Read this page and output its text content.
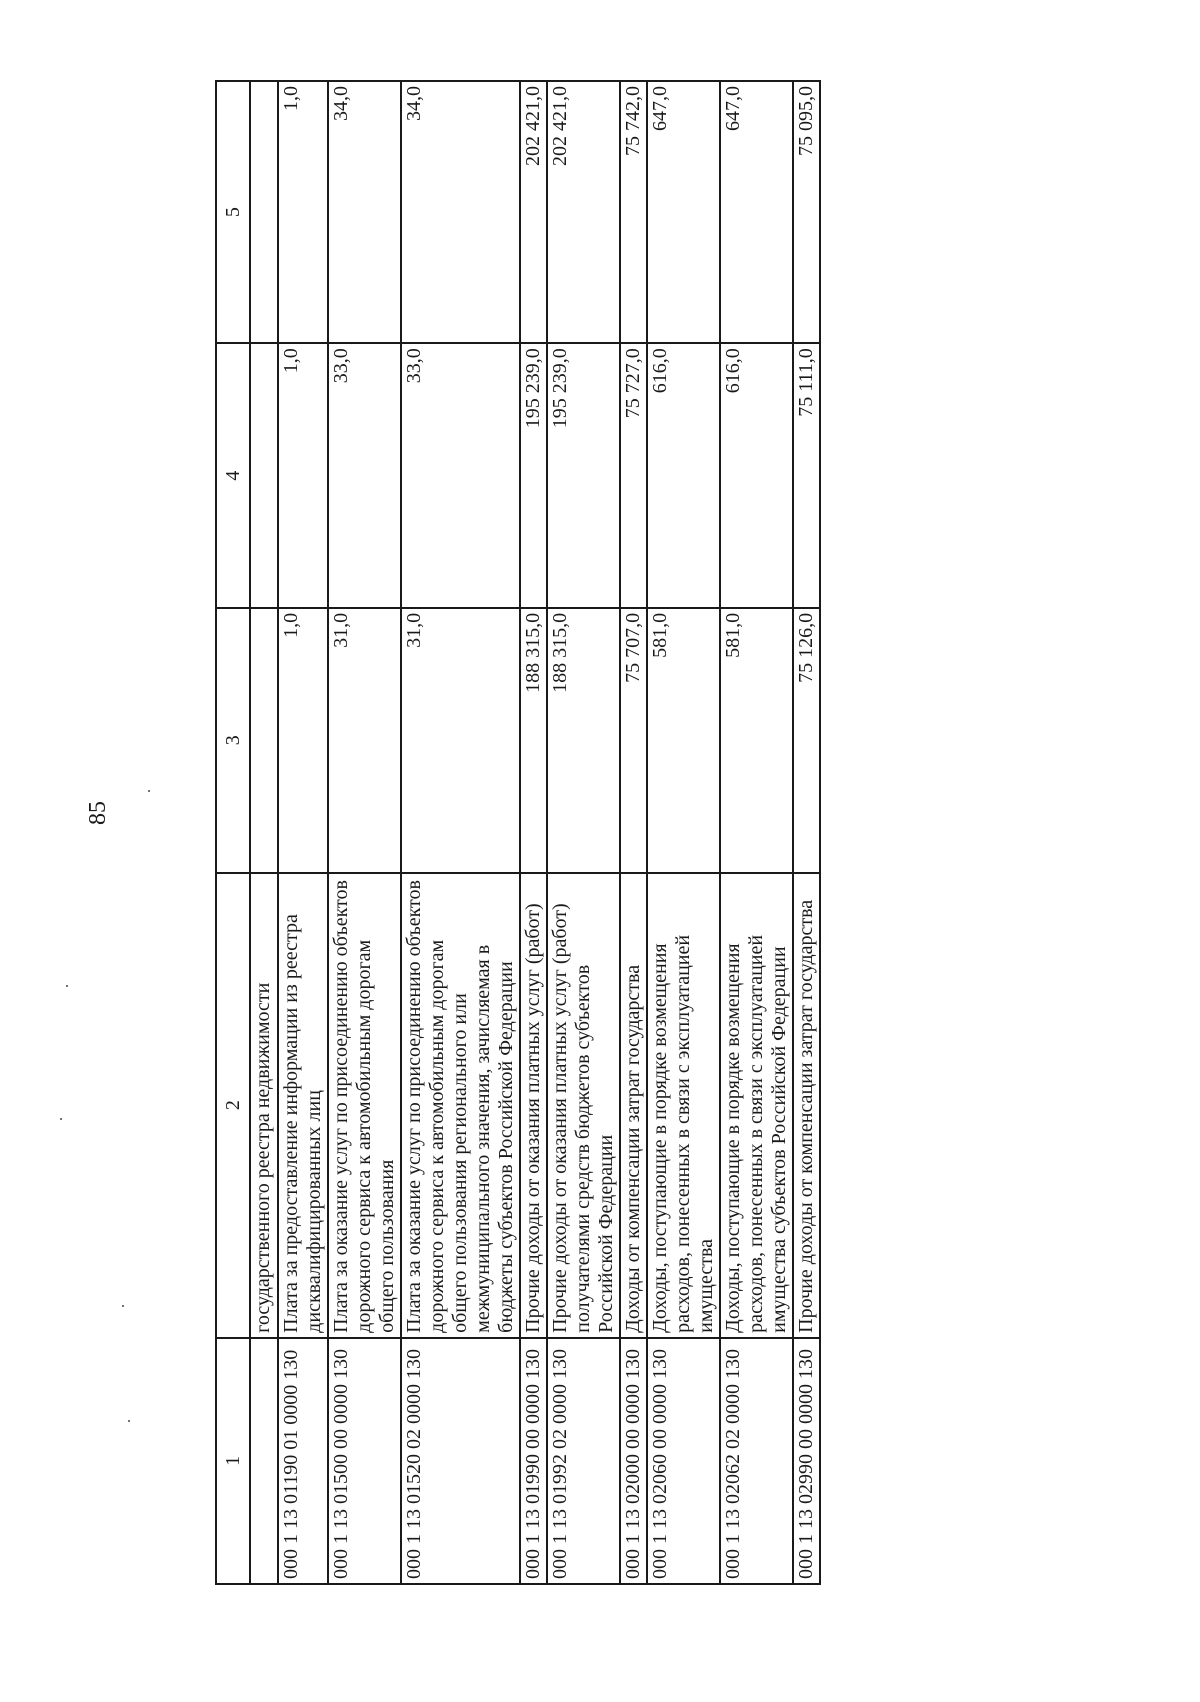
85
1	2	3	4	5
	государственного реестра недвижимости			
000 1 13 01190 01 0000 130	Плата за предоставление информации из реестра дисквалифицированных лиц	1,0	1,0	1,0
000 1 13 01500 00 0000 130	Плата за оказание услуг по присоединению объектов дорожного сервиса к автомобильным дорогам общего пользования	31,0	33,0	34,0
000 1 13 01520 02 0000 130	Плата за оказание услуг по присоединению объектов дорожного сервиса к автомобильным дорогам общего пользования регионального или межмуниципального значения, зачисляемая в бюджеты субъектов Российской Федерации	31,0	33,0	34,0
000 1 13 01990 00 0000 130	Прочие доходы от оказания платных услуг (работ)	188 315,0	195 239,0	202 421,0
000 1 13 01992 02 0000 130	Прочие доходы от оказания платных услуг (работ) получателями средств бюджетов субъектов Российской Федерации	188 315,0	195 239,0	202 421,0
000 1 13 02000 00 0000 130	Доходы от компенсации затрат государства	75 707,0	75 727,0	75 742,0
000 1 13 02060 00 0000 130	Доходы, поступающие в порядке возмещения расходов, понесенных в связи с эксплуатацией имущества	581,0	616,0	647,0
000 1 13 02062 02 0000 130	Доходы, поступающие в порядке возмещения расходов, понесенных в связи с эксплуатацией имущества субъектов Российской Федерации	581,0	616,0	647,0
000 1 13 02990 00 0000 130	Прочие доходы от компенсации затрат государства	75 126,0	75 111,0	75 095,0
